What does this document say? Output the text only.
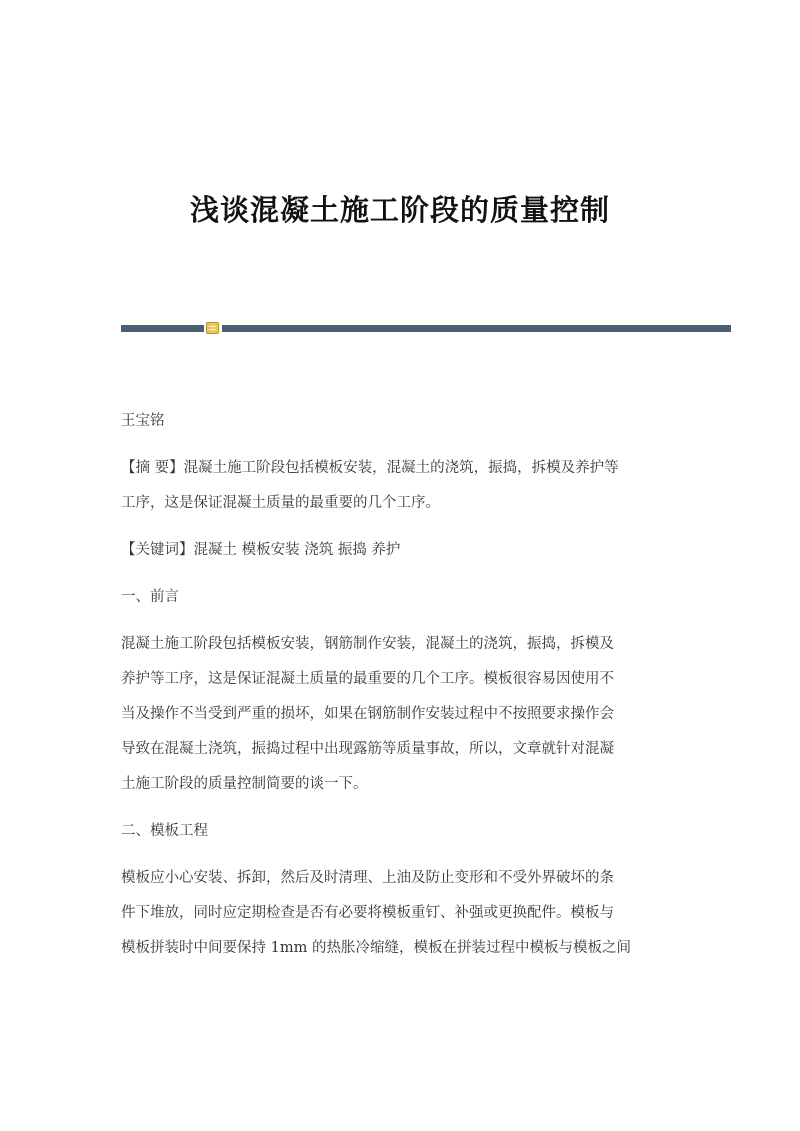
浅谈混凝土施工阶段的质量控制
王宝铭
【摘 要】混凝土施工阶段包括模板安装，混凝土的浇筑，振捣，拆模及养护等
工序，这是保证混凝土质量的最重要的几个工序。
【关键词】混凝土 模板安装 浇筑 振捣 养护
一、前言
混凝土施工阶段包括模板安装，钢筋制作安装，混凝土的浇筑，振捣，拆模及
养护等工序，这是保证混凝土质量的最重要的几个工序。模板很容易因使用不
当及操作不当受到严重的损坏，如果在钢筋制作安装过程中不按照要求操作会
导致在混凝土浇筑，振捣过程中出现露筋等质量事故，所以，文章就针对混凝
土施工阶段的质量控制简要的谈一下。
二、模板工程
模板应小心安装、拆卸，然后及时清理、上油及防止变形和不受外界破坏的条
件下堆放，同时应定期检查是否有必要将模板重钉、补强或更换配件。模板与
模板拼装时中间要保持 1mm 的热胀冷缩缝，模板在拼装过程中模板与模板之间
